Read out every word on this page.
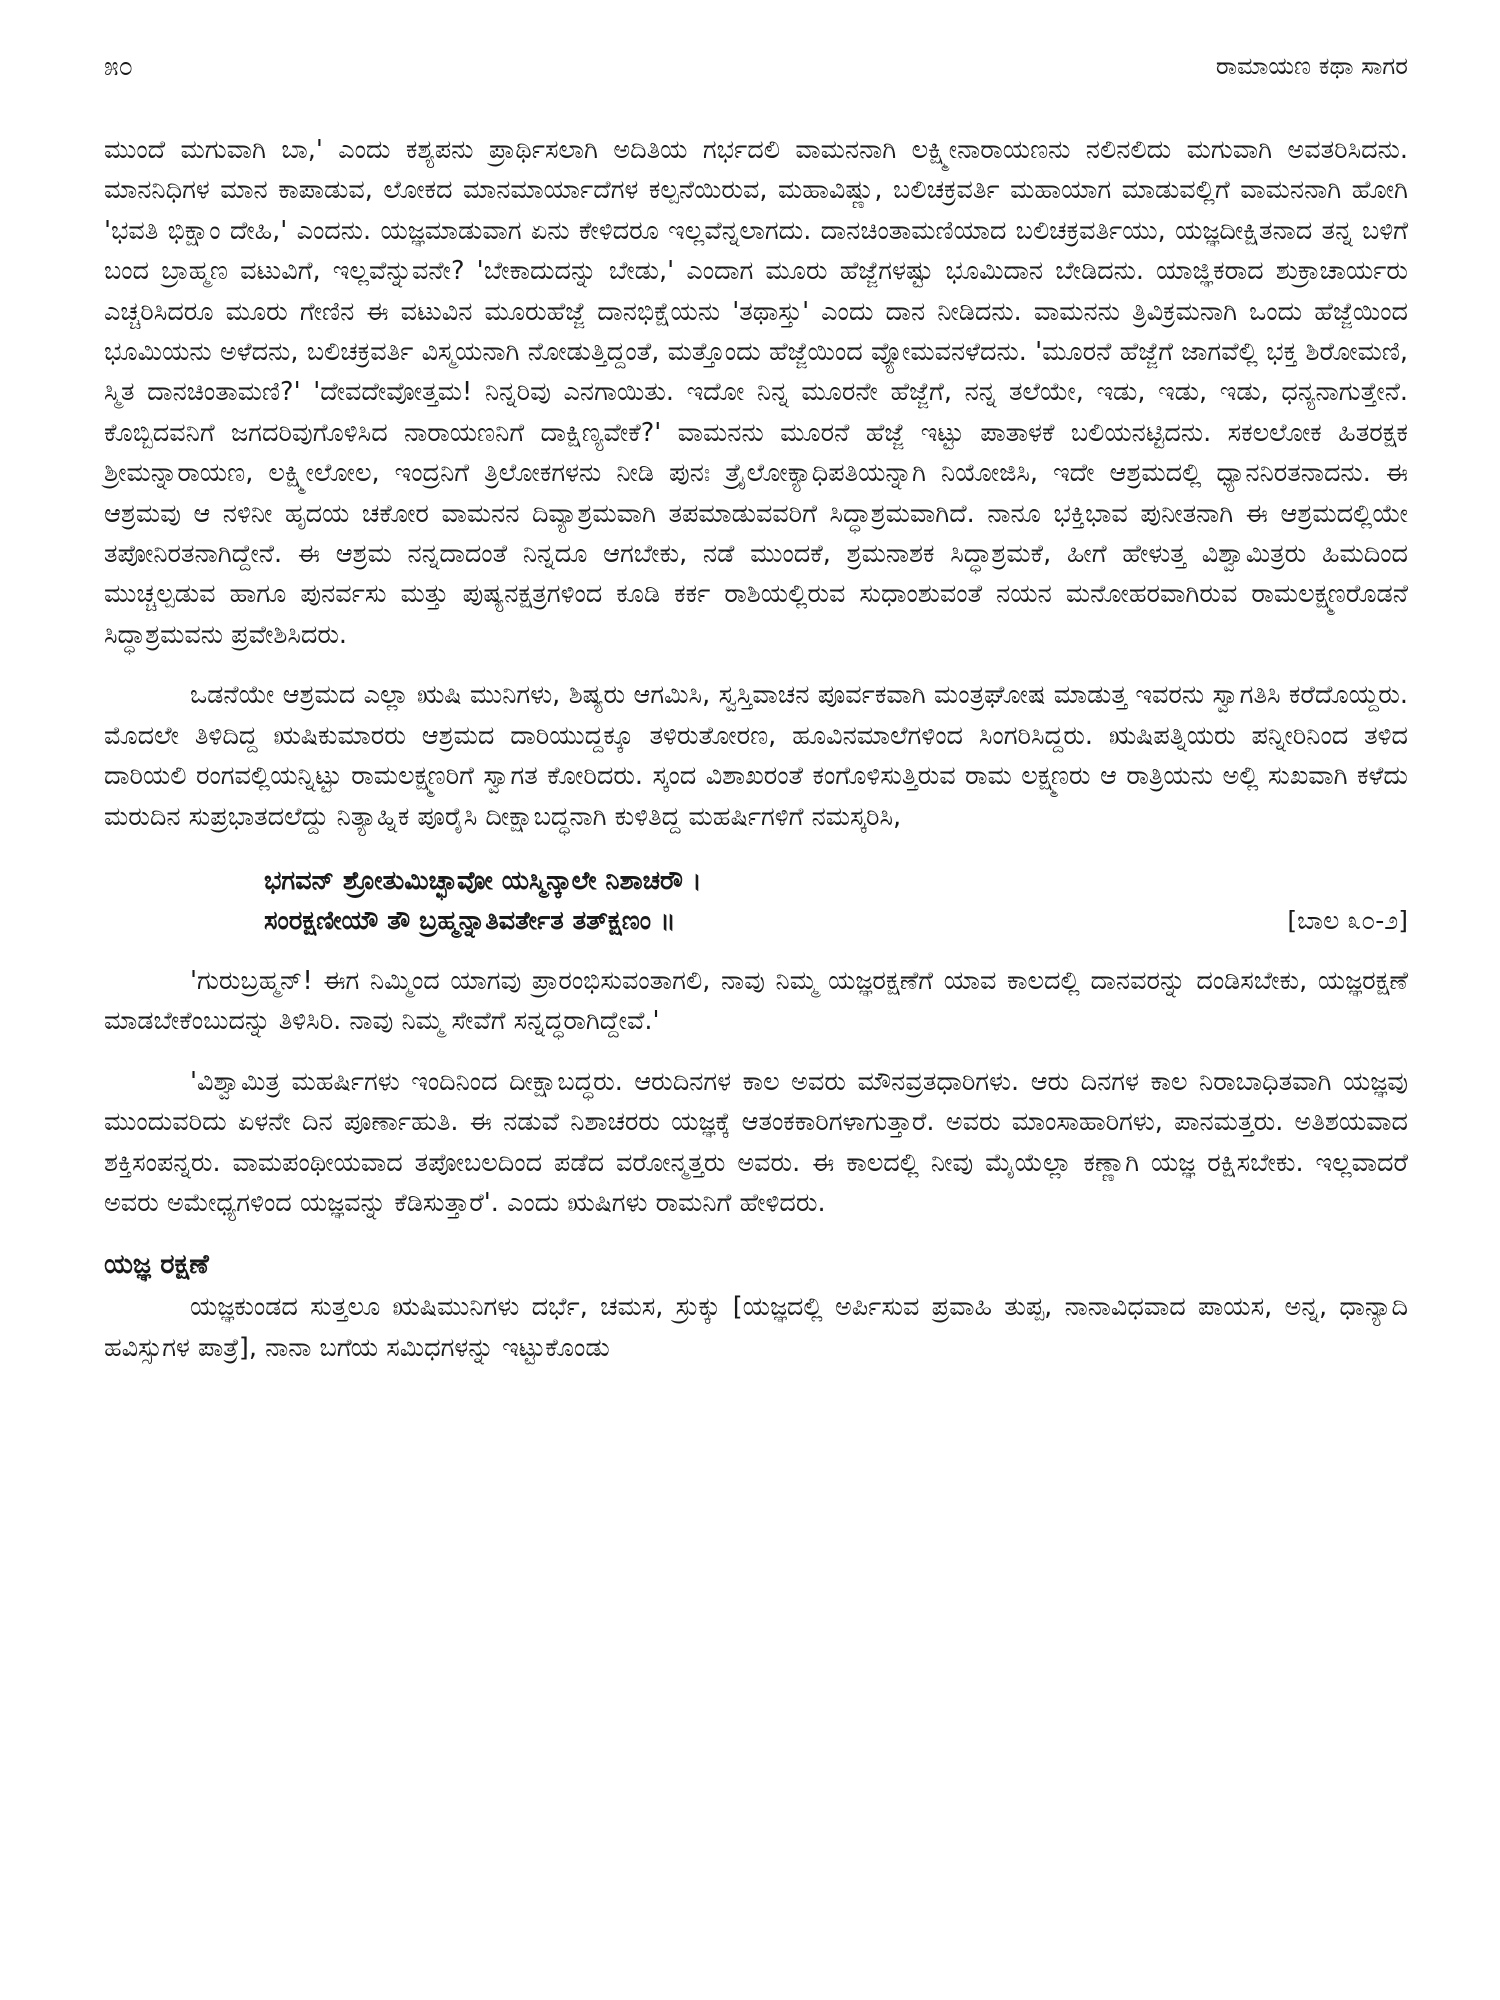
೫೦	ರಾಮಾಯಣ ಕಥಾ ಸಾಗರ

ಮುಂದೆ ಮಗುವಾಗಿ ಬಾ,' ಎಂದು ಕಶ್ಯಪನು ಪ್ರಾರ್ಥಿಸಲಾಗಿ ಅದಿತಿಯ ಗರ್ಭದಲಿ ವಾಮನನಾಗಿ ಲಕ್ಷ್ಮೀನಾರಾಯಣನು ನಲಿನಲಿದು ಮಗುವಾಗಿ ಅವತರಿಸಿದನು. ಮಾನನಿಧಿಗಳ ಮಾನ ಕಾಪಾಡುವ, ಲೋಕದ ಮಾನಮಾರ್ಯಾದೆಗಳ ಕಲ್ಪನೆಯಿರುವ, ಮಹಾವಿಷ್ಣು, ಬಲಿಚಕ್ರವರ್ತಿ ಮಹಾಯಾಗ ಮಾಡುವಲ್ಲಿಗೆ ವಾಮನನಾಗಿ ಹೋಗಿ 'ಭವತಿ ಭಿಕ್ಷಾಂ ದೇಹಿ,' ಎಂದನು. ಯಜ್ಞಮಾಡುವಾಗ ಏನು ಕೇಳಿದರೂ ಇಲ್ಲವೆನ್ನಲಾಗದು. ದಾನಚಿಂತಾಮಣಿಯಾದ ಬಲಿಚಕ್ರವರ್ತಿಯು, ಯಜ್ಞದೀಕ್ಷಿತನಾದ ತನ್ನ ಬಳಿಗೆ ಬಂದ ಬ್ರಾಹ್ಮಣ ವಟುವಿಗೆ, ಇಲ್ಲವೆನ್ನುವನೇ? 'ಬೇಕಾದುದನ್ನು ಬೇಡು,' ಎಂದಾಗ ಮೂರು ಹೆಜ್ಜೆಗಳಷ್ಟು ಭೂಮಿದಾನ ಬೇಡಿದನು. ಯಾಜ್ಞಿಕರಾದ ಶುಕ್ರಾಚಾರ್ಯರು ಎಚ್ಚರಿಸಿದರೂ ಮೂರು ಗೇಣಿನ ಈ ವಟುವಿನ ಮೂರುಹೆಜ್ಜೆ ದಾನಭಿಕ್ಷೆಯನು 'ತಥಾಸ್ತು' ಎಂದು ದಾನ ನೀಡಿದನು. ವಾಮನನು ತ್ರಿವಿಕ್ರಮನಾಗಿ ಒಂದು ಹೆಜ್ಜೆಯಿಂದ ಭೂಮಿಯನು ಅಳೆದನು, ಬಲಿಚಕ್ರವರ್ತಿ ವಿಸ್ಮಯನಾಗಿ ನೋಡುತ್ತಿದ್ದಂತೆ, ಮತ್ತೊಂದು ಹೆಜ್ಜೆಯಿಂದ ವ್ಯೋಮವನಳೆದನು. 'ಮೂರನೆ ಹೆಜ್ಜೆಗೆ ಜಾಗವೆಲ್ಲಿ ಭಕ್ತ ಶಿರೋಮಣಿ, ಸ್ಮಿತ ದಾನಚಿಂತಾಮಣಿ?' 'ದೇವದೇವೋತ್ತಮ! ನಿನ್ನರಿವು ಎನಗಾಯಿತು. ಇದೋ ನಿನ್ನ ಮೂರನೇ ಹೆಜ್ಜೆಗೆ, ನನ್ನ ತಲೆಯೇ, ಇಡು, ಇಡು, ಇಡು, ಧನ್ಯನಾಗುತ್ತೇನೆ. ಕೊಬ್ಬಿದವನಿಗೆ ಜಗದರಿವುಗೊಳಿಸಿದ ನಾರಾಯಣನಿಗೆ ದಾಕ್ಷಿಣ್ಯವೇಕೆ?' ವಾಮನನು ಮೂರನೆ ಹೆಜ್ಜೆ ಇಟ್ಟು ಪಾತಾಳಕೆ ಬಲಿಯನಟ್ಟಿದನು. ಸಕಲಲೋಕ ಹಿತರಕ್ಷಕ ಶ್ರೀಮನ್ನಾರಾಯಣ, ಲಕ್ಷ್ಮೀಲೋಲ, ಇಂದ್ರನಿಗೆ ತ್ರಿಲೋಕಗಳನು ನೀಡಿ ಪುನಃ ತ್ರೈಲೋಕ್ಯಾಧಿಪತಿಯನ್ನಾಗಿ ನಿಯೋಜಿಸಿ, ಇದೇ ಆಶ್ರಮದಲ್ಲಿ ಧ್ಯಾನನಿರತನಾದನು. ಈ ಆಶ್ರಮವು ಆ ನಳಿನೀ ಹೃದಯ ಚಕೋರ ವಾಮನನ ದಿವ್ಯಾಶ್ರಮವಾಗಿ ತಪಮಾಡುವವರಿಗೆ ಸಿದ್ಧಾಶ್ರಮವಾಗಿದೆ. ನಾನೂ ಭಕ್ತಿಭಾವ ಪುನೀತನಾಗಿ ಈ ಆಶ್ರಮದಲ್ಲಿಯೇ ತಪೋನಿರತನಾಗಿದ್ದೇನೆ. ಈ ಆಶ್ರಮ ನನ್ನದಾದಂತೆ ನಿನ್ನದೂ ಆಗಬೇಕು, ನಡೆ ಮುಂದಕೆ, ಶ್ರಮನಾಶಕ ಸಿದ್ಧಾಶ್ರಮಕೆ, ಹೀಗೆ ಹೇಳುತ್ತ ವಿಶ್ವಾಮಿತ್ರರು ಹಿಮದಿಂದ ಮುಚ್ಚಲ್ಪಡುವ ಹಾಗೂ ಪುನರ್ವಸು ಮತ್ತು ಪುಷ್ಯನಕ್ಷತ್ರಗಳಿಂದ ಕೂಡಿ ಕರ್ಕ ರಾಶಿಯಲ್ಲಿರುವ ಸುಧಾಂಶುವಂತೆ ನಯನ ಮನೋಹರವಾಗಿರುವ ರಾಮಲಕ್ಷ್ಮಣರೊಡನೆ ಸಿದ್ಧಾಶ್ರಮವನು ಪ್ರವೇಶಿಸಿದರು.

ಒಡನೆಯೇ ಆಶ್ರಮದ ಎಲ್ಲಾ ಋಷಿ ಮುನಿಗಳು, ಶಿಷ್ಯರು ಆಗಮಿಸಿ, ಸ್ವಸ್ತಿವಾಚನ ಪೂರ್ವಕವಾಗಿ ಮಂತ್ರಘೋಷ ಮಾಡುತ್ತ ಇವರನು ಸ್ವಾಗತಿಸಿ ಕರೆದೊಯ್ದರು. ಮೊದಲೇ ತಿಳಿದಿದ್ದ ಋಷಿಕುಮಾರರು ಆಶ್ರಮದ ದಾರಿಯುದ್ದಕ್ಕೂ ತಳಿರುತೋರಣ, ಹೂವಿನಮಾಲೆಗಳಿಂದ ಸಿಂಗರಿಸಿದ್ದರು. ಋಷಿಪತ್ನಿಯರು ಪನ್ನೀರಿನಿಂದ ತಳಿದ ದಾರಿಯಲಿ ರಂಗವಲ್ಲಿಯನ್ನಿಟ್ಟು ರಾಮಲಕ್ಷ್ಮಣರಿಗೆ ಸ್ವಾಗತ ಕೋರಿದರು. ಸ್ಕಂದ ವಿಶಾಖರಂತೆ ಕಂಗೊಳಿಸುತ್ತಿರುವ ರಾಮ ಲಕ್ಷ್ಮಣರು ಆ ರಾತ್ರಿಯನು ಅಲ್ಲಿ ಸುಖವಾಗಿ ಕಳೆದು ಮರುದಿನ ಸುಪ್ರಭಾತದಲೆದ್ದು ನಿತ್ಯಾಹ್ನಿಕ ಪೂರೈಸಿ ದೀಕ್ಷಾಬದ್ಧನಾಗಿ ಕುಳಿತಿದ್ದ ಮಹರ್ಷಿಗಳಿಗೆ ನಮಸ್ಕರಿಸಿ,

ಭಗವನ್ ಶ್ರೋತುಮಿಚ್ಛಾವೋ ಯಸ್ಮಿನ್ಕಾಲೇ ನಿಶಾಚರೌ ।
ಸಂರಕ್ಷಣೀಯೌ ತೌ ಬ್ರಹ್ಮನ್ನಾತಿವರ್ತೇತ ತತ್ಕ್ಷಣಂ ॥	[ಬಾಲ ೩೦-೨]

'ಗುರುಬ್ರಹ್ಮನ್! ಈಗ ನಿಮ್ಮಿಂದ ಯಾಗವು ಪ್ರಾರಂಭಿಸುವಂತಾಗಲಿ, ನಾವು ನಿಮ್ಮ ಯಜ್ಞರಕ್ಷಣೆಗೆ ಯಾವ ಕಾಲದಲ್ಲಿ ದಾನವರನ್ನು ದಂಡಿಸಬೇಕು, ಯಜ್ಞರಕ್ಷಣೆ ಮಾಡಬೇಕೆಂಬುದನ್ನು ತಿಳಿಸಿರಿ. ನಾವು ನಿಮ್ಮ ಸೇವೆಗೆ ಸನ್ನದ್ಧರಾಗಿದ್ದೇವೆ.'

'ವಿಶ್ವಾಮಿತ್ರ ಮಹರ್ಷಿಗಳು ಇಂದಿನಿಂದ ದೀಕ್ಷಾಬದ್ಧರು. ಆರುದಿನಗಳ ಕಾಲ ಅವರು ಮೌನವ್ರತಧಾರಿಗಳು. ಆರು ದಿನಗಳ ಕಾಲ ನಿರಾಬಾಧಿತವಾಗಿ ಯಜ್ಞವು ಮುಂದುವರಿದು ಏಳನೇ ದಿನ ಪೂರ್ಣಾಹುತಿ. ಈ ನಡುವೆ ನಿಶಾಚರರು ಯಜ್ಞಕ್ಕೆ ಆತಂಕಕಾರಿಗಳಾಗುತ್ತಾರೆ. ಅವರು ಮಾಂಸಾಹಾರಿಗಳು, ಪಾನಮತ್ತರು. ಅತಿಶಯವಾದ ಶಕ್ತಿಸಂಪನ್ನರು. ವಾಮಪಂಥೀಯವಾದ ತಪೋಬಲದಿಂದ ಪಡೆದ ವರೋನ್ಮತ್ತರು ಅವರು. ಈ ಕಾಲದಲ್ಲಿ ನೀವು ಮೈಯೆಲ್ಲಾ ಕಣ್ಣಾಗಿ ಯಜ್ಞ ರಕ್ಷಿಸಬೇಕು. ಇಲ್ಲವಾದರೆ ಅವರು ಅಮೇಧ್ಯಗಳಿಂದ ಯಜ್ಞವನ್ನು ಕೆಡಿಸುತ್ತಾರೆ'. ಎಂದು ಋಷಿಗಳು ರಾಮನಿಗೆ ಹೇಳಿದರು.

ಯಜ್ಞ ರಕ್ಷಣೆ

ಯಜ್ಞಕುಂಡದ ಸುತ್ತಲೂ ಋಷಿಮುನಿಗಳು ದರ್ಭೆ, ಚಮಸ, ಸ್ರುಕ್ಕು [ಯಜ್ಞದಲ್ಲಿ ಅರ್ಪಿಸುವ ಪ್ರವಾಹಿ ತುಪ್ಪ, ನಾನಾವಿಧವಾದ ಪಾಯಸ, ಅನ್ನ, ಧಾನ್ಯಾದಿ ಹವಿಸ್ಸುಗಳ ಪಾತ್ರೆ], ನಾನಾ ಬಗೆಯ ಸಮಿಧಗಳನ್ನು ಇಟ್ಟುಕೊಂಡು
